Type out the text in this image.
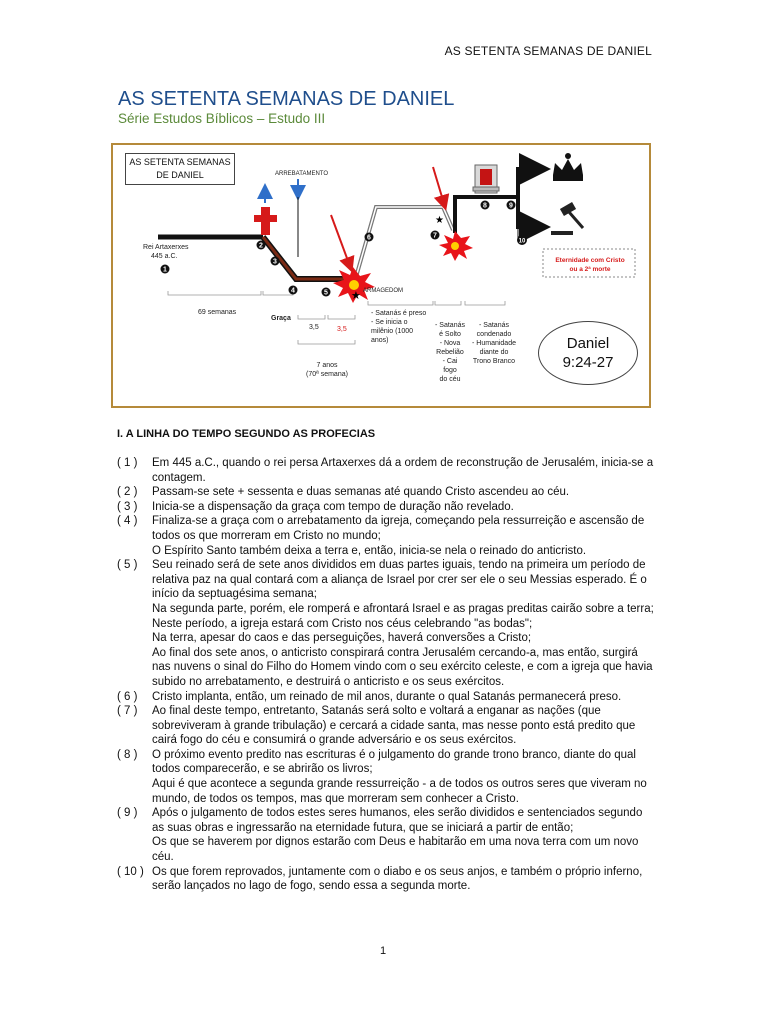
AS SETENTA SEMANAS DE DANIEL
AS SETENTA SEMANAS DE DANIEL
Série Estudos Bíblicos – Estudo III
★
★
1
2
3
4	5
6	7
8	9
10
AS SETENTA SEMANAS
DE DANIEL	ARREBATAMENTO
Rei Artaxerxes
445 a.C.
ARMAGEDOM
69 semanas
Graça
3,5	3,5
7 anos
(70ª semana)
- Satanás é preso
- Se inicia o
milênio (1000
anos)
- Satanás
é Solto
- Nova
Rebelião
- Cai fogo
do céu
- Satanás
condenado
- Humanidade
diante do
Trono Branco
Eternidade com Cristo
ou a 2ª morte
Daniel
9:24-27
I. A LINHA DO TEMPO SEGUNDO AS PROFECIAS
( 1 )	Em 445 a.C., quando o rei persa Artaxerxes dá a ordem de reconstrução de Jerusalém, inicia-se a contagem.
( 2 )	Passam-se sete + sessenta e duas semanas até quando Cristo ascendeu ao céu.
( 3 )	Inicia-se a dispensação da graça com tempo de duração não revelado.
( 4 )	Finaliza-se a graça com o arrebatamento da igreja, começando pela ressurreição e ascensão de todos os que morreram em Cristo no mundo;
O Espírito Santo também deixa a terra e, então, inicia-se nela o reinado do anticristo.
( 5 )	Seu reinado será de sete anos divididos em duas partes iguais, tendo na primeira um período de relativa paz na qual contará com a aliança de Israel por crer ser ele o seu Messias esperado. É o início da septuagésima semana;
Na segunda parte, porém, ele romperá e afrontará Israel e as pragas preditas cairão sobre a terra;
Neste período, a igreja estará com Cristo nos céus celebrando "as bodas";
Na terra, apesar do caos e das perseguições, haverá conversões a Cristo;
Ao final dos sete anos, o anticristo conspirará contra Jerusalém cercando-a, mas então, surgirá nas nuvens o sinal do Filho do Homem vindo com o seu exército celeste, e com a igreja que havia subido no arrebatamento, e destruirá o anticristo e os seus exércitos.
( 6 )	Cristo implanta, então, um reinado de mil anos, durante o qual Satanás permanecerá preso.
( 7 )	Ao final deste tempo, entretanto, Satanás será solto e voltará a enganar as nações (que sobreviveram à grande tribulação) e cercará a cidade santa, mas nesse ponto está predito que cairá fogo do céu e consumirá o grande adversário e os seus exércitos.
( 8 )	O próximo evento predito nas escrituras é o julgamento do grande trono branco, diante do qual todos comparecerão, e se abrirão os livros;
Aqui é que acontece a segunda grande ressurreição - a de todos os outros seres que viveram no mundo, de todos os tempos, mas que morreram sem conhecer a Cristo.
( 9 )	Após o julgamento de todos estes seres humanos, eles serão divididos e sentenciados segundo as suas obras e ingressarão na eternidade futura, que se iniciará a partir de então;
Os que se haverem por dignos estarão com Deus e habitarão em uma nova terra com um novo céu.
( 10 ) Os que forem reprovados, juntamente com o diabo e os seus anjos, e também o próprio inferno, serão lançados no lago de fogo, sendo essa a segunda morte.
1
